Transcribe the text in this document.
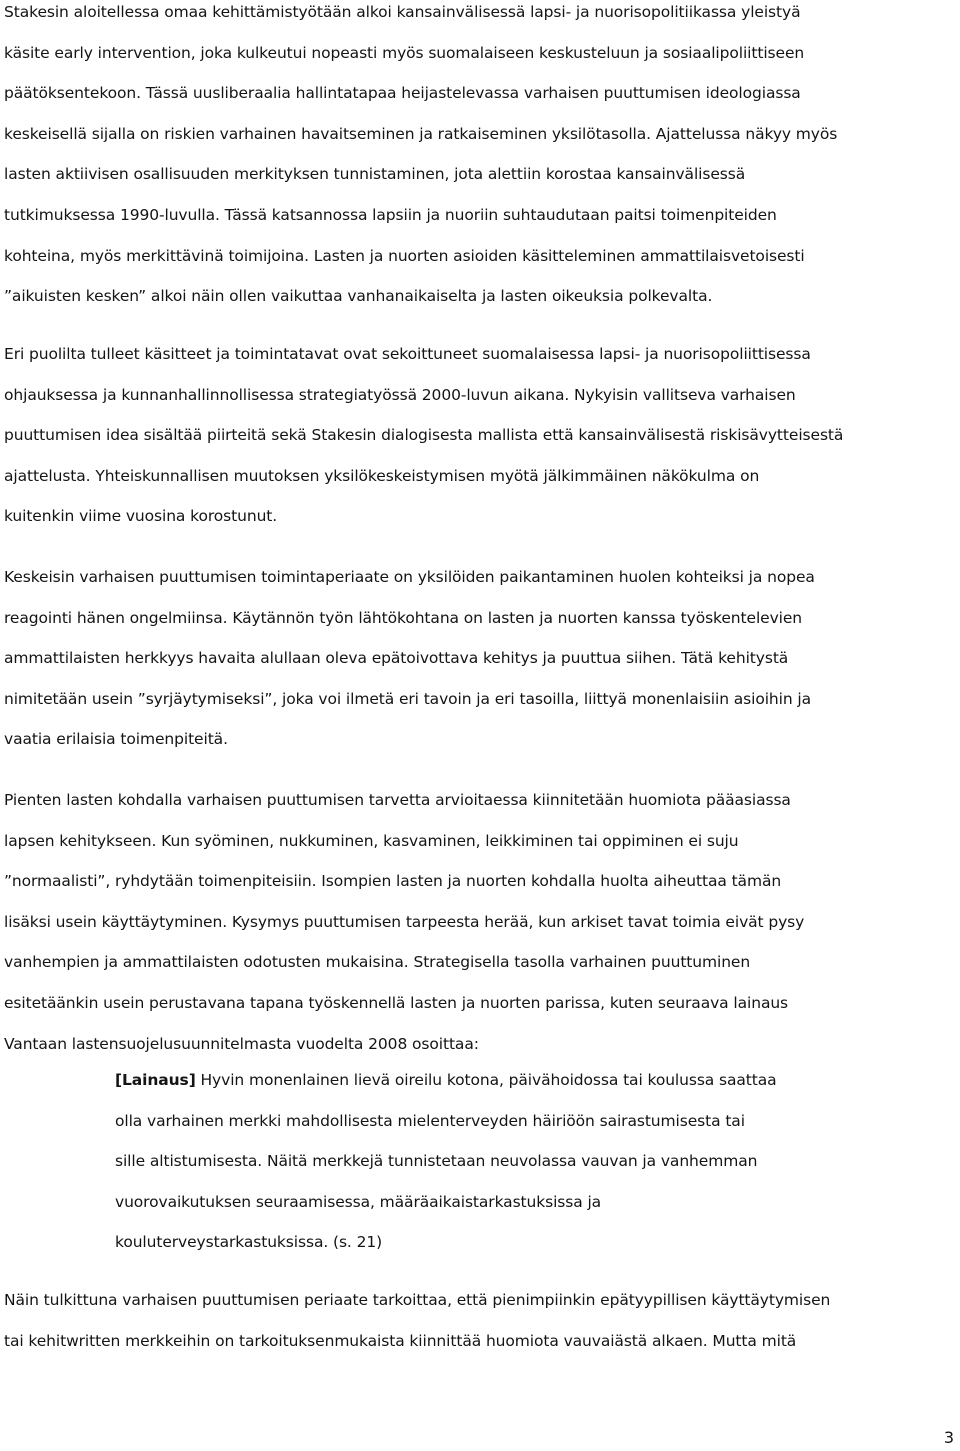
Stakesin aloitellessa omaa kehittämistyötään alkoi kansainvälisessä lapsi- ja nuorisopolitiikassa yleistyä
käsite early intervention, joka kulkeutui nopeasti myös suomalaiseen keskusteluun ja sosiaalipoliittiseen
päätöksentekoon. Tässä uusliberaalia hallintatapaa heijastelevassa varhaisen puuttumisen ideologiassa
keskeisellä sijalla on riskien varhainen havaitseminen ja ratkaiseminen yksilötasolla. Ajattelussa näkyy myös
lasten aktiivisen osallisuuden merkityksen tunnistaminen, jota alettiin korostaa kansainvälisessä
tutkimuksessa 1990-luvulla. Tässä katsannossa lapsiin ja nuoriin suhtaudutaan paitsi toimenpiteiden
kohteina, myös merkittävinä toimijoina. Lasten ja nuorten asioiden käsitteleminen ammattilaisvetoisesti
”aikuisten kesken” alkoi näin ollen vaikuttaa vanhanaikaiselta ja lasten oikeuksia polkevalta.

Eri puolilta tulleet käsitteet ja toimintatavat ovat sekoittuneet suomalaisessa lapsi- ja nuorisopoliittisessa
ohjauksessa ja kunnanhallinnollisessa strategiatyössä 2000-luvun aikana. Nykyisin vallitseva varhaisen
puuttumisen idea sisältää piirteitä sekä Stakesin dialogisesta mallista että kansainvälisestä riskisävytteisestä
ajattelusta. Yhteiskunnallisen muutoksen yksilökeskeistymisen myötä jälkimmäinen näkökulma on
kuitenkin viime vuosina korostunut.

Keskeisin varhaisen puuttumisen toimintaperiaate on yksilöiden paikantaminen huolen kohteiksi ja nopea
reagointi hänen ongelmiinsa. Käytännön työn lähtökohtana on lasten ja nuorten kanssa työskentelevien
ammattilaisten herkkyys havaita alullaan oleva epätoivottava kehitys ja puuttua siihen. Tätä kehitystä
nimitetään usein ”syrjäytymiseksi”, joka voi ilmetä eri tavoin ja eri tasoilla, liittyä monenlaisiin asioihin ja
vaatia erilaisia toimenpiteitä.

Pienten lasten kohdalla varhaisen puuttumisen tarvetta arvioitaessa kiinnitetään huomiota pääasiassa
lapsen kehitykseen. Kun syöminen, nukkuminen, kasvaminen, leikkiminen tai oppiminen ei suju
”normaalisti”, ryhdytään toimenpiteisiin. Isompien lasten ja nuorten kohdalla huolta aiheuttaa tämän
lisäksi usein käyttäytyminen. Kysymys puuttumisen tarpeesta herää, kun arkiset tavat toimia eivät pysy
vanhempien ja ammattilaisten odotusten mukaisina. Strategisella tasolla varhainen puuttuminen
esitetäänkin usein perustavana tapana työskennellä lasten ja nuorten parissa, kuten seuraava lainaus
Vantaan lastensuojelusuunnitelmasta vuodelta 2008 osoittaa:

[Lainaus] Hyvin monenlainen lievä oireilu kotona, päivähoidossa tai koulussa saattaa
olla varhainen merkki mahdollisesta mielenterveyden häiriöön sairastumisesta tai
sille altistumisesta. Näitä merkkejä tunnistetaan neuvolassa vauvan ja vanhemman
vuorovaikutuksen seuraamisessa, määräaikaistarkastuksissa ja
kouluterveystarkastuksissa. (s. 21)

Näin tulkittuna varhaisen puuttumisen periaate tarkoittaa, että pienimpiinkin epätyypillisen käyttäytymisen
tai kehitwritten merkkeihin on tarkoituksenmukaista kiinnittää huomiota vauvaiästä alkaen. Mutta mitä

3
